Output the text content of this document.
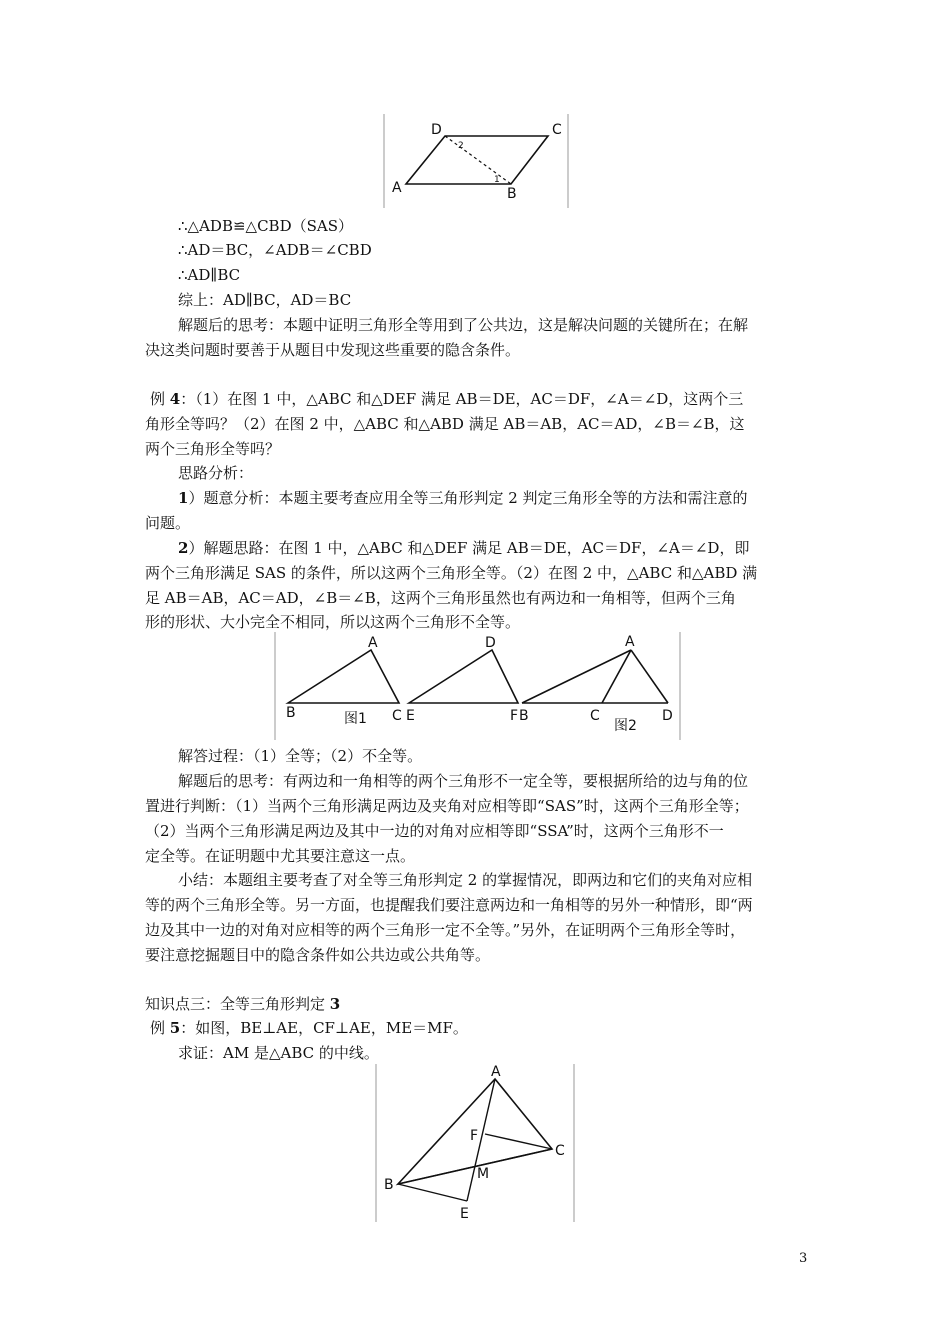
D	C
A	B
2
1
∴△ADB≌△CBD（SAS）
∴AD＝BC，∠ADB＝∠CBD
∴AD∥BC
综上：AD∥BC，AD＝BC
解题后的思考：本题中证明三角形全等用到了公共边，这是解决问题的关键所在；在解
决这类问题时要善于从题目中发现这些重要的隐含条件。
例 4：（1）在图 1 中，△ABC 和△DEF 满足 AB＝DE，AC＝DF，∠A＝∠D，这两个三
角形全等吗？（2）在图 2 中，△ABC 和△ABD 满足 AB＝AB，AC＝AD，∠B＝∠B，这
两个三角形全等吗？
思路分析：
1）题意分析：本题主要考查应用全等三角形判定 2 判定三角形全等的方法和需注意的
问题。
2）解题思路：在图 1 中，△ABC 和△DEF 满足 AB＝DE，AC＝DF，∠A＝∠D，即
两个三角形满足 SAS 的条件，所以这两个三角形全等。（2）在图 2 中，△ABC 和△ABD 满
足 AB＝AB，AC＝AD，∠B＝∠B，这两个三角形虽然也有两边和一角相等，但两个三角
形的形状、大小完全不相同，所以这两个三角形不全等。
A
B	C
D
E	F B
A
C	D
图1	图2
解答过程：（1）全等；（2）不全等。
解题后的思考：有两边和一角相等的两个三角形不一定全等，要根据所给的边与角的位
置进行判断：（1）当两个三角形满足两边及夹角对应相等即“SAS”时，这两个三角形全等；
（2）当两个三角形满足两边及其中一边的对角对应相等即“SSA”时，这两个三角形不一
定全等。在证明题中尤其要注意这一点。
小结：本题组主要考查了对全等三角形判定 2 的掌握情况，即两边和它们的夹角对应相
等的两个三角形全等。另一方面，也提醒我们要注意两边和一角相等的另外一种情形，即“两
边及其中一边的对角对应相等的两个三角形一定不全等。”另外，在证明两个三角形全等时，
要注意挖掘题目中的隐含条件如公共边或公共角等。
知识点三：全等三角形判定 3
例 5：如图，BE⊥AE，CF⊥AE，ME＝MF。
求证：AM 是△ABC 的中线。
A
B
C
E
F
M
3
